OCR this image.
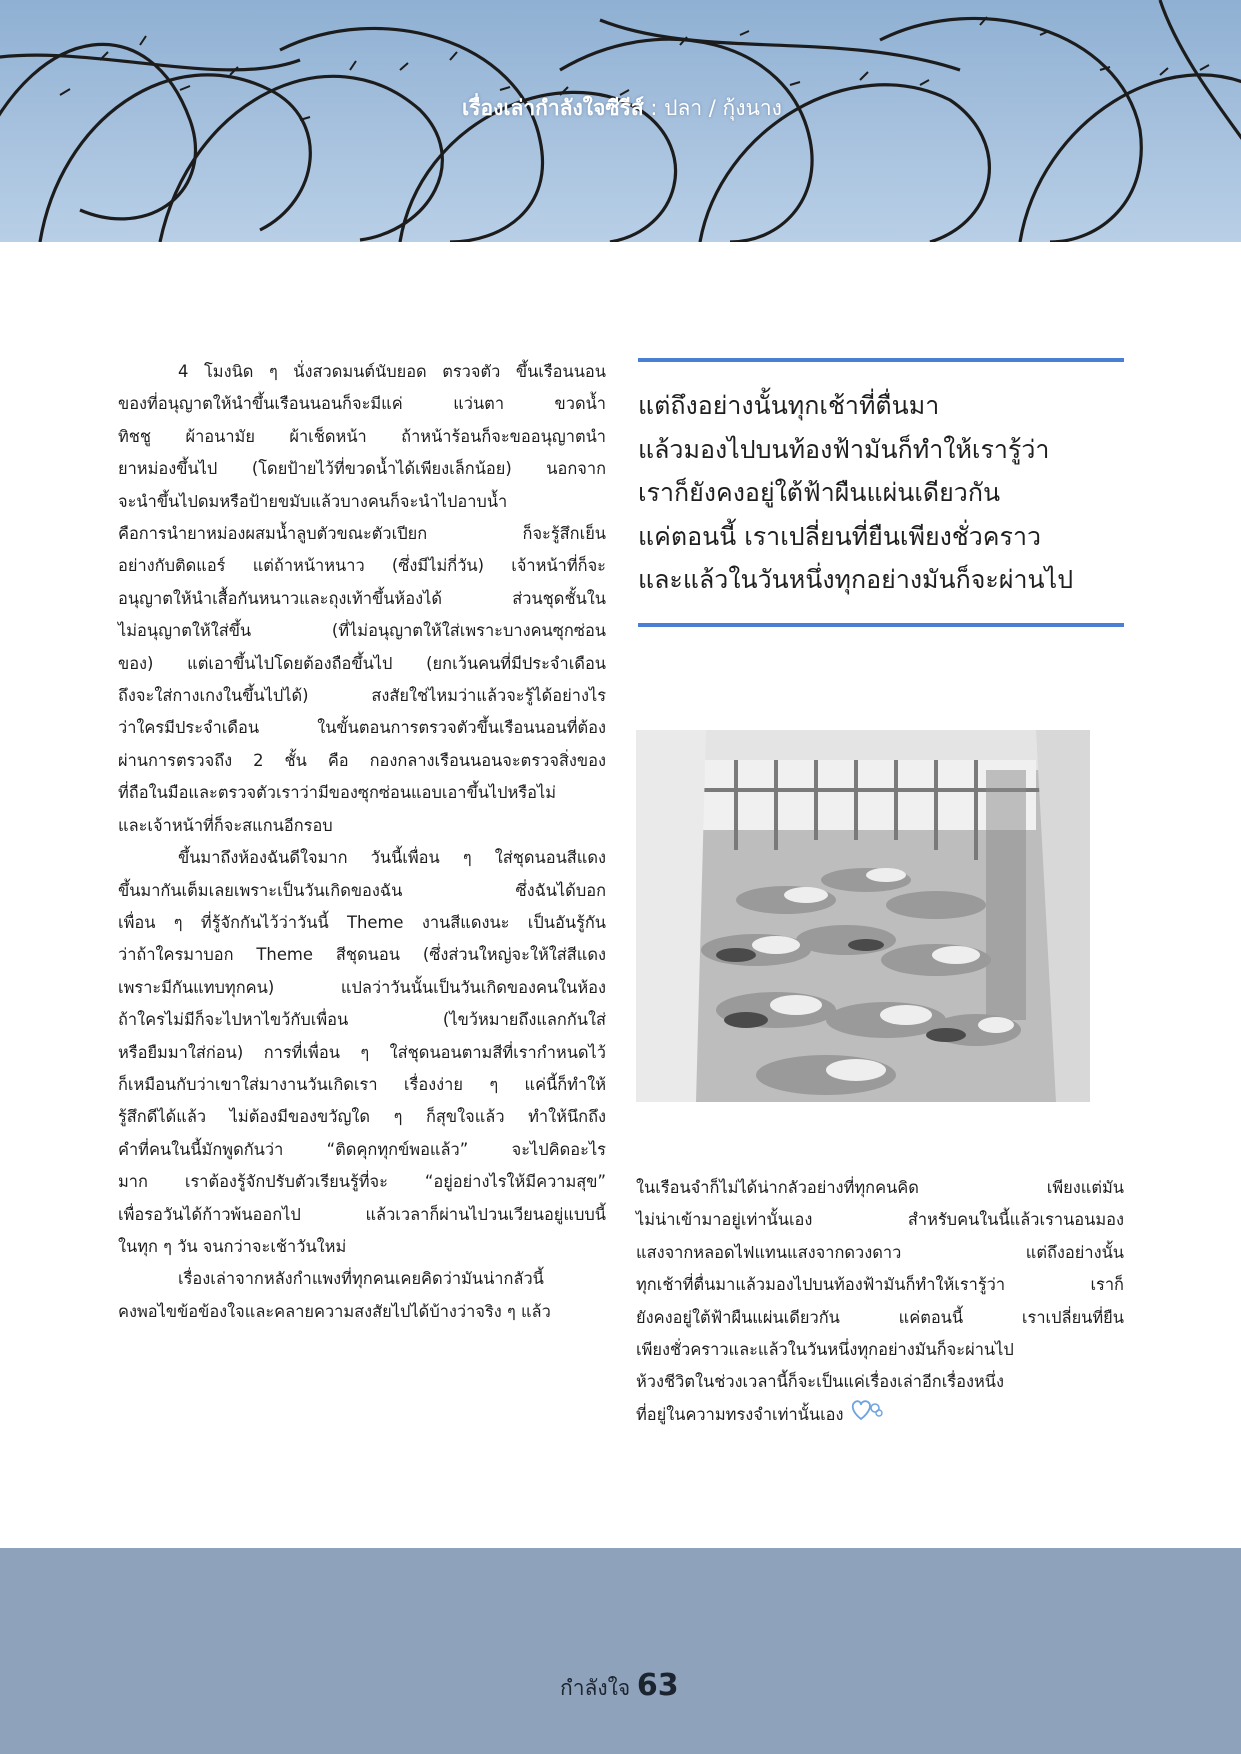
เรื่องเล่ากำลังใจซีรีส์ : ปลา / กุ้งนาง

4 โมงนิด ๆ นั่งสวดมนต์นับยอด ตรวจตัว ขึ้นเรือนนอน

ของที่อนุญาตให้นำขึ้นเรือนนอนก็จะมีแค่ แว่นตา ขวดน้ำ

ทิชชู ผ้าอนามัย ผ้าเช็ดหน้า ถ้าหน้าร้อนก็จะขออนุญาตนำ

ยาหม่องขึ้นไป (โดยป้ายไว้ที่ขวดน้ำได้เพียงเล็กน้อย) นอกจาก

จะนำขึ้นไปดมหรือป้ายขมับแล้วบางคนก็จะนำไปอาบน้ำ

คือการนำยาหม่องผสมน้ำลูบตัวขณะตัวเปียก ก็จะรู้สึกเย็น

อย่างกับติดแอร์ แต่ถ้าหน้าหนาว (ซึ่งมีไม่กี่วัน) เจ้าหน้าที่ก็จะ

อนุญาตให้นำเสื้อกันหนาวและถุงเท้าขึ้นห้องได้ ส่วนชุดชั้นใน

ไม่อนุญาตให้ใส่ขึ้น (ที่ไม่อนุญาตให้ใส่เพราะบางคนซุกซ่อน

ของ) แต่เอาขึ้นไปโดยต้องถือขึ้นไป (ยกเว้นคนที่มีประจำเดือน

ถึงจะใส่กางเกงในขึ้นไปได้) สงสัยใช่ไหมว่าแล้วจะรู้ได้อย่างไร

ว่าใครมีประจำเดือน ในขั้นตอนการตรวจตัวขึ้นเรือนนอนที่ต้อง

ผ่านการตรวจถึง 2 ชั้น คือ กองกลางเรือนนอนจะตรวจสิ่งของ

ที่ถือในมือและตรวจตัวเราว่ามีของซุกซ่อนแอบเอาขึ้นไปหรือไม่

และเจ้าหน้าที่ก็จะสแกนอีกรอบ

ขึ้นมาถึงห้องฉันดีใจมาก วันนี้เพื่อน ๆ ใส่ชุดนอนสีแดง

ขึ้นมากันเต็มเลยเพราะเป็นวันเกิดของฉัน ซึ่งฉันได้บอก

เพื่อน ๆ ที่รู้จักกันไว้ว่าวันนี้ Theme งานสีแดงนะ เป็นอันรู้กัน

ว่าถ้าใครมาบอก Theme สีชุดนอน (ซึ่งส่วนใหญ่จะให้ใส่สีแดง

เพราะมีกันแทบทุกคน) แปลว่าวันนั้นเป็นวันเกิดของคนในห้อง

ถ้าใครไม่มีก็จะไปหาไขว้กับเพื่อน (ไขว้หมายถึงแลกกันใส่

หรือยืมมาใส่ก่อน) การที่เพื่อน ๆ ใส่ชุดนอนตามสีที่เรากำหนดไว้

ก็เหมือนกับว่าเขาใส่มางานวันเกิดเรา เรื่องง่าย ๆ แค่นี้ก็ทำให้

รู้สึกดีได้แล้ว ไม่ต้องมีของขวัญใด ๆ ก็สุขใจแล้ว ทำให้นึกถึง

คำที่คนในนี้มักพูดกันว่า “ติดคุกทุกข์พอแล้ว” จะไปคิดอะไร

มาก เราต้องรู้จักปรับตัวเรียนรู้ที่จะ “อยู่อย่างไรให้มีความสุข”

เพื่อรอวันได้ก้าวพ้นออกไป แล้วเวลาก็ผ่านไปวนเวียนอยู่แบบนี้

ในทุก ๆ วัน จนกว่าจะเช้าวันใหม่

เรื่องเล่าจากหลังกำแพงที่ทุกคนเคยคิดว่ามันน่ากลัวนี้

คงพอไขข้อข้องใจและคลายความสงสัยไปได้บ้างว่าจริง ๆ แล้ว

แต่ถึงอย่างนั้นทุกเช้าที่ตื่นมา
แล้วมองไปบนท้องฟ้ามันก็ทำให้เรารู้ว่า
เราก็ยังคงอยู่ใต้ฟ้าผืนแผ่นเดียวกัน
แค่ตอนนี้ เราเปลี่ยนที่ยืนเพียงชั่วคราว
และแล้วในวันหนึ่งทุกอย่างมันก็จะผ่านไป

ในเรือนจำก็ไม่ได้น่ากลัวอย่างที่ทุกคนคิด เพียงแต่มัน

ไม่น่าเข้ามาอยู่เท่านั้นเอง สำหรับคนในนี้แล้วเรานอนมอง

แสงจากหลอดไฟแทนแสงจากดวงดาว แต่ถึงอย่างนั้น

ทุกเช้าที่ตื่นมาแล้วมองไปบนท้องฟ้ามันก็ทำให้เรารู้ว่า เราก็

ยังคงอยู่ใต้ฟ้าผืนแผ่นเดียวกัน แค่ตอนนี้ เราเปลี่ยนที่ยืน

เพียงชั่วคราวและแล้วในวันหนึ่งทุกอย่างมันก็จะผ่านไป

ห้วงชีวิตในช่วงเวลานี้ก็จะเป็นแค่เรื่องเล่าอีกเรื่องหนึ่ง

ที่อยู่ในความทรงจำเท่านั้นเอง

กำลังใจ 63
